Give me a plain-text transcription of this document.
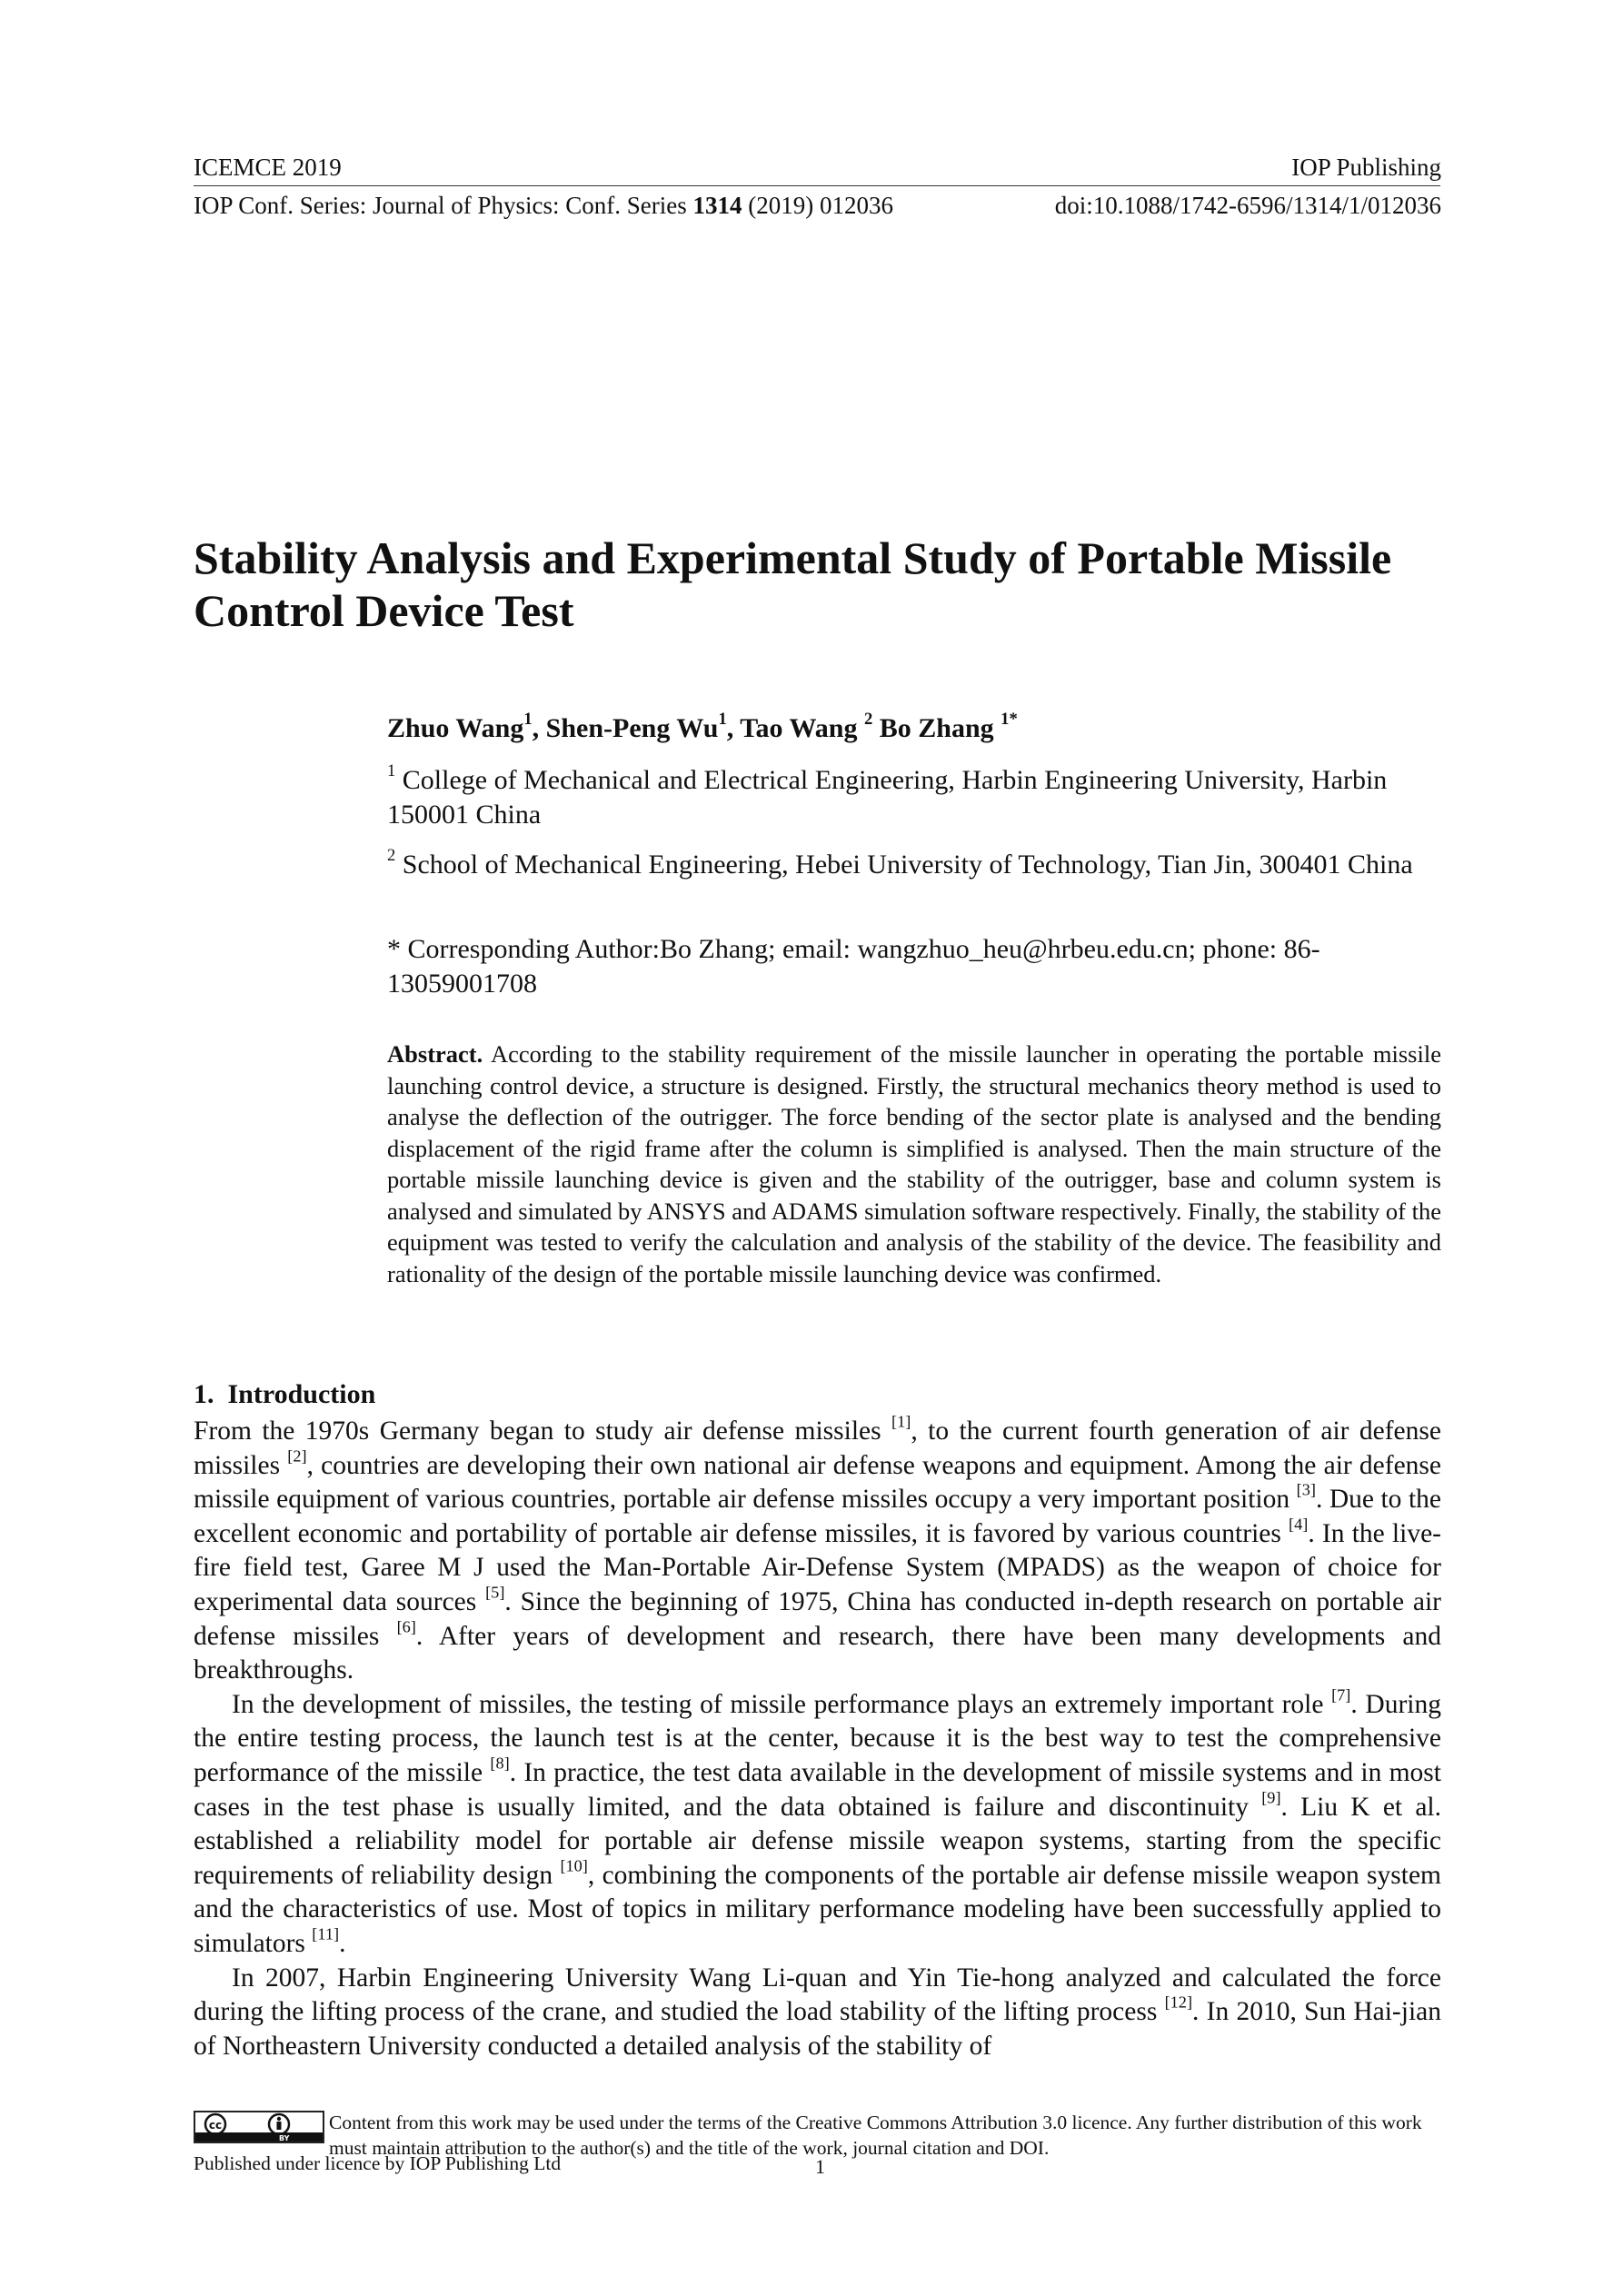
ICEMCE 2019	IOP Publishing
IOP Conf. Series: Journal of Physics: Conf. Series 1314 (2019) 012036	doi:10.1088/1742-6596/1314/1/012036
Stability Analysis and Experimental Study of Portable Missile Control Device Test
Zhuo Wang$^1$, Shen-Peng Wu$^1$, Tao Wang $^2$ Bo Zhang $^{1*}$
$^1$ College of Mechanical and Electrical Engineering, Harbin Engineering University, Harbin 150001 China
$^2$ School of Mechanical Engineering, Hebei University of Technology, Tian Jin, 300401 China
* Corresponding Author:Bo Zhang; email: wangzhuo_heu@hrbeu.edu.cn; phone: 86-13059001708
Abstract. According to the stability requirement of the missile launcher in operating the portable missile launching control device, a structure is designed. Firstly, the structural mechanics theory method is used to analyse the deflection of the outrigger. The force bending of the sector plate is analysed and the bending displacement of the rigid frame after the column is simplified is analysed. Then the main structure of the portable missile launching device is given and the stability of the outrigger, base and column system is analysed and simulated by ANSYS and ADAMS simulation software respectively. Finally, the stability of the equipment was tested to verify the calculation and analysis of the stability of the device. The feasibility and rationality of the design of the portable missile launching device was confirmed.
1. Introduction

From the 1970s Germany began to study air defense missiles [1], to the current fourth generation of air defense missiles [2], countries are developing their own national air defense weapons and equipment. Among the air defense missile equipment of various countries, portable air defense missiles occupy a very important position [3]. Due to the excellent economic and portability of portable air defense missiles, it is favored by various countries [4]. In the live-fire field test, Garee M J used the Man-Portable Air-Defense System (MPADS) as the weapon of choice for experimental data sources [5]. Since the beginning of 1975, China has conducted in-depth research on portable air defense missiles [6]. After years of development and research, there have been many developments and breakthroughs.

In the development of missiles, the testing of missile performance plays an extremely important role [7]. During the entire testing process, the launch test is at the center, because it is the best way to test the comprehensive performance of the missile [8]. In practice, the test data available in the development of missile systems and in most cases in the test phase is usually limited, and the data obtained is failure and discontinuity [9]. Liu K et al. established a reliability model for portable air defense missile weapon systems, starting from the specific requirements of reliability design [10], combining the components of the portable air defense missile weapon system and the characteristics of use. Most of topics in military performance modeling have been successfully applied to simulators [11].

In 2007, Harbin Engineering University Wang Li-quan and Yin Tie-hong analyzed and calculated the force during the lifting process of the crane, and studied the load stability of the lifting process [12]. In 2010, Sun Hai-jian of Northeastern University conducted a detailed analysis of the stability of

cc
BY
Content from this work may be used under the terms of the Creative Commons Attribution 3.0 licence. Any further distribution of this work must maintain attribution to the author(s) and the title of the work, journal citation and DOI.
Published under licence by IOP Publishing Ltd	1
